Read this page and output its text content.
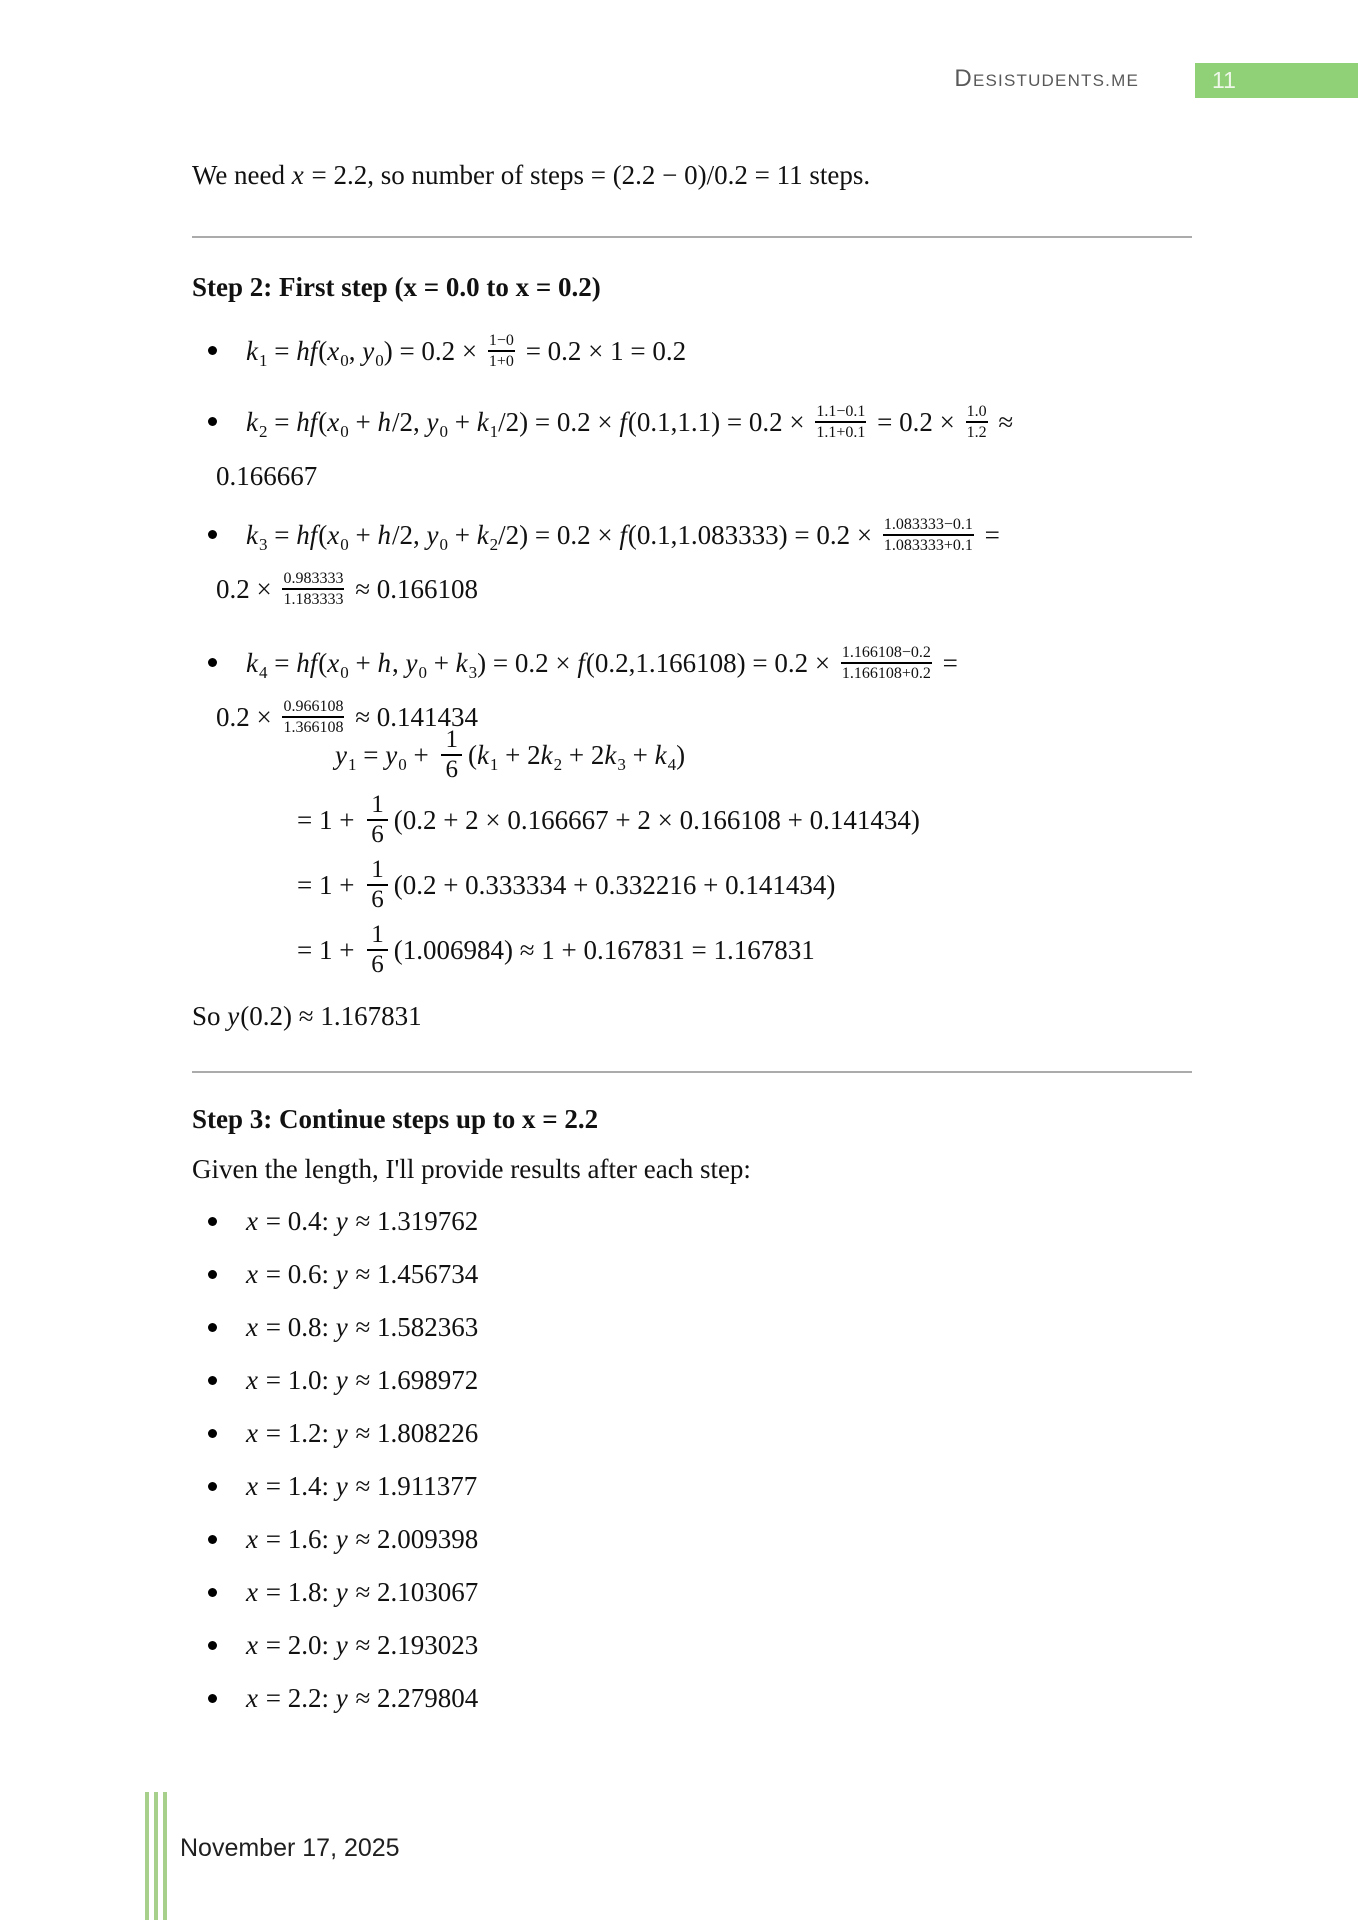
DESISTUDENTS.ME	11

We need x = 2.2, so number of steps = (2.2 − 0)/0.2 = 11 steps.

Step 2: First step (x = 0.0 to x = 0.2)
$k_1 = hf(x_0$, $y_0) = 0.2 \times \frac{1-0}{1+0} = 0.2 \times 1 = 0.2$
$k_2 = hf(x_0 + h/2$, $y_0 + k_1/2) = 0.2 \times f(0.1,1.1) = 0.2 \times \frac{1.1-0.1}{1.1+0.1} = 0.2 \times \frac{1.0}{1.2}$ ≈
0.166667
$k_3 = hf(x_0 + h/2$, $y_0 + k_2/2) = 0.2 \times f(0.1,1.083333) = 0.2 \times \frac{1.083333-0.1}{1.083333+0.1}$ =
$0.2 \times \frac{0.983333}{1.183333} \approx 0.166108$
$k_4 = hf(x_0 + h$, $y_0 + k_3) = 0.2 \times f(0.2,1.166108) = 0.2 \times \frac{1.166108-0.2}{1.166108+0.2}$ =
$0.2 \times \frac{0.966108}{1.366108} \approx 0.141434$
$y_1 = y_0 + \frac{1}{6} (k_1 + 2k_2 + 2k_3 + k_4)$
= $1 + \frac{1}{6} (0.2 + 2 \times 0.166667 + 2 \times 0.166108 + 0.141434)$
= $1 + \frac{1}{6} (0.2 + 0.333334 + 0.332216 + 0.141434)$
= $1 + \frac{1}{6} (1.006984) \approx 1 + 0.167831 = 1.167831$

So y(0.2) ≈ 1.167831

Step 3: Continue steps up to x = 2.2

Given the length, I'll provide results after each step:

x = 0.4: y ≈ 1.319762
x = 0.6: y ≈ 1.456734
x = 0.8: y ≈ 1.582363
x = 1.0: y ≈ 1.698972
x = 1.2: y ≈ 1.808226
x = 1.4: y ≈ 1.911377
x = 1.6: y ≈ 2.009398
x = 1.8: y ≈ 2.103067
x = 2.0: y ≈ 2.193023
x = 2.2: y ≈ 2.279804
November 17, 2025
